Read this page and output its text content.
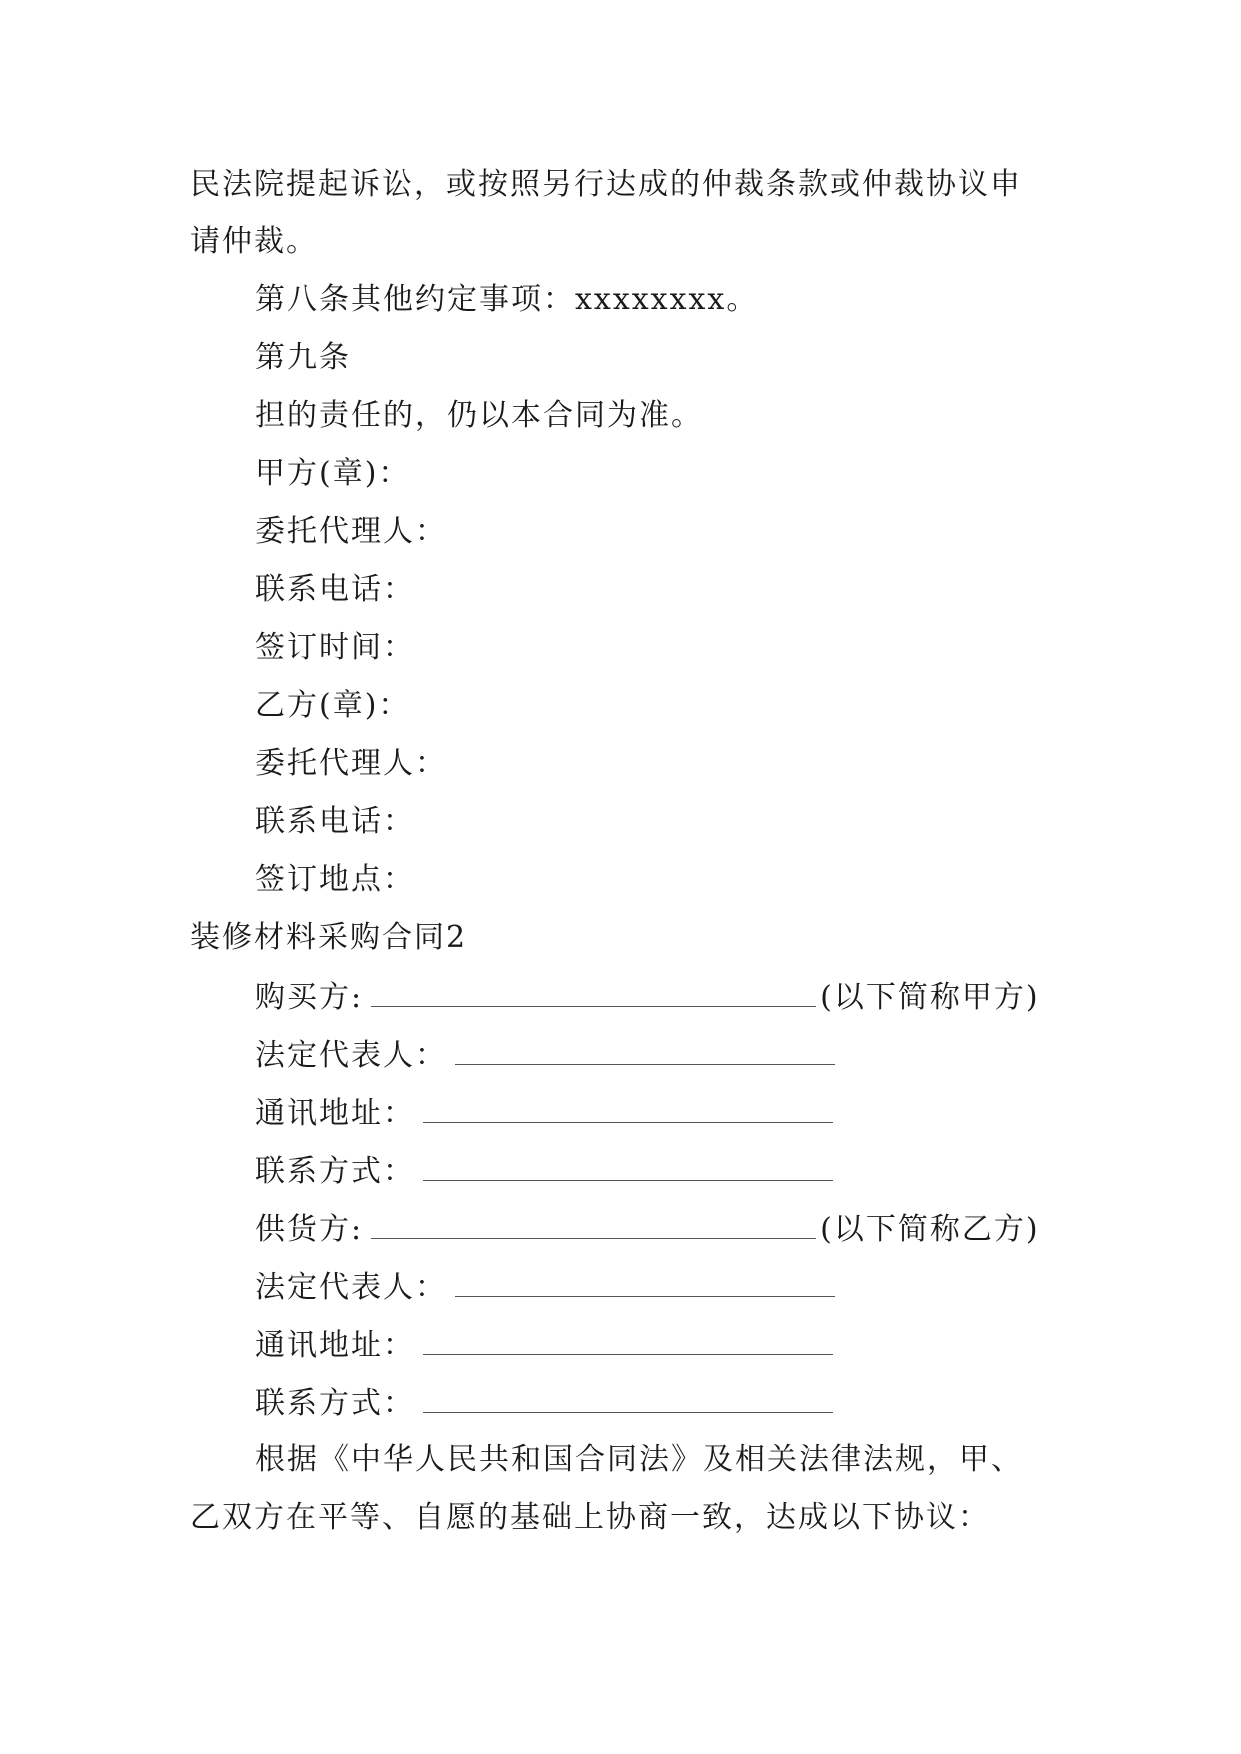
民法院提起诉讼，或按照另行达成的仲裁条款或仲裁协议申
请仲裁。
第八条其他约定事项：xxxxxxxx。
第九条
担的责任的，仍以本合同为准。
甲方(章)：
委托代理人：
联系电话：
签订时间：
乙方(章)：
委托代理人：
联系电话：
签订地点：
装修材料采购合同2
购买方:	(以下简称甲方)
法定代表人：
通讯地址：
联系方式：
供货方:	(以下简称乙方)
法定代表人：
通讯地址：
联系方式：
根据《中华人民共和国合同法》及相关法律法规，甲、
乙双方在平等、自愿的基础上协商一致，达成以下协议：
